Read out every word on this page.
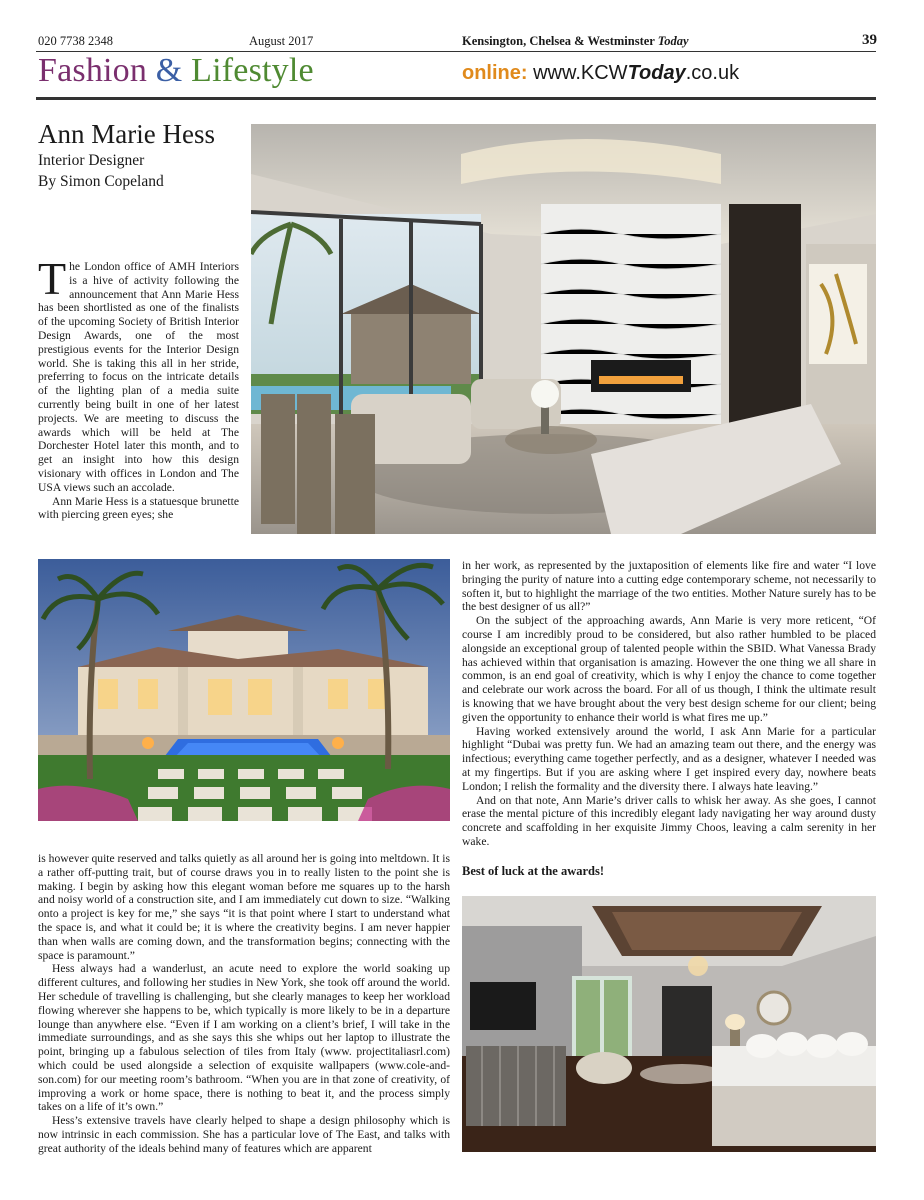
020 7738 2348	August 2017	Kensington, Chelsea & Westminster Today	39
Fashion & Lifestyle	online: www.KCWToday.co.uk
Ann Marie Hess
Interior Designer
By Simon Copeland

The London office of AMH Interiors is a hive of activity following the announcement that Ann Marie Hess has been shortlisted as one of the finalists of the upcoming Society of British Interior Design Awards, one of the most prestigious events for the Interior Design world. She is taking this all in her stride, preferring to focus on the intricate details of the lighting plan of a media suite currently being built in one of her latest projects. We are meeting to discuss the awards which will be held at The Dorchester Hotel later this month, and to get an insight into how this design visionary with offices in London and The USA views such an accolade.

Ann Marie Hess is a statuesque brunette with piercing green eyes; she

is however quite reserved and talks quietly as all around her is going into meltdown. It is a rather off-putting trait, but of course draws you in to really listen to the point she is making. I begin by asking how this elegant woman before me squares up to the harsh and noisy world of a construction site, and I am immediately cut down to size. “Walking onto a project is key for me,” she says “it is that point where I start to understand what the space is, and what it could be; it is where the creativity begins. I am never happier than when walls are coming down, and the transformation begins; connecting with the space is paramount.”

Hess always had a wanderlust, an acute need to explore the world soaking up different cultures, and following her studies in New York, she took off around the world. Her schedule of travelling is challenging, but she clearly manages to keep her workload flowing wherever she happens to be, which typically is more likely to be in a departure lounge than anywhere else. “Even if I am working on a client’s brief, I will take in the immediate surroundings, and as she says this she whips out her laptop to illustrate the point, bringing up a fabulous selection of tiles from Italy (www. projectitaliasrl.com) which could be used alongside a selection of exquisite wallpapers (www.cole-and-son.com) for our meeting room’s bathroom. “When you are in that zone of creativity, of improving a work or home space, there is nothing to beat it, and the process simply takes on a life of it’s own.”

Hess’s extensive travels have clearly helped to shape a design philosophy which is now intrinsic in each commission. She has a particular love of The East, and talks with great authority of the ideals behind many of features which are apparent

in her work, as represented by the juxtaposition of elements like fire and water “I love bringing the purity of nature into a cutting edge contemporary scheme, not necessarily to soften it, but to highlight the marriage of the two entities. Mother Nature surely has to be the best designer of us all?”

On the subject of the approaching awards, Ann Marie is very more reticent, “Of course I am incredibly proud to be considered, but also rather humbled to be placed alongside an exceptional group of talented people within the SBID. What Vanessa Brady has achieved within that organisation is amazing. However the one thing we all share in common, is an end goal of creativity, which is why I enjoy the chance to come together and celebrate our work across the board. For all of us though, I think the ultimate result is knowing that we have brought about the very best design scheme for our client; being given the opportunity to enhance their world is what fires me up.”

Having worked extensively around the world, I ask Ann Marie for a particular highlight “Dubai was pretty fun. We had an amazing team out there, and the energy was infectious; everything came together perfectly, and as a designer, whatever I needed was at my fingertips. But if you are asking where I get inspired every day, nowhere beats London; I relish the formality and the diversity there. I always hate leaving.”

And on that note, Ann Marie’s driver calls to whisk her away. As she goes, I cannot erase the mental picture of this incredibly elegant lady navigating her way around dusty concrete and scaffolding in her exquisite Jimmy Choos, leaving a calm serenity in her wake.

Best of luck at the awards!
